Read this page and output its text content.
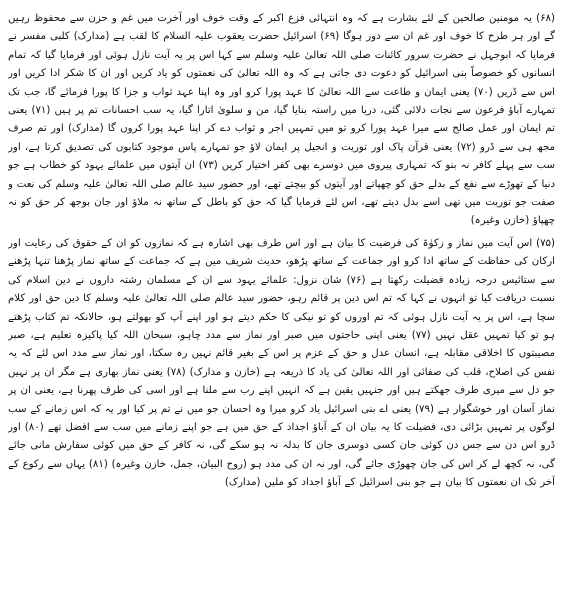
(۶۸) یہ مومنین صالحین کے لئے بشارت ہے کہ وہ انتہائی فزع اکبر کے وقت خوف اور آخرت میں غم و حزن سے محفوظ رہیں گے اور ہر طرح کا خوف اور غم ان سے دور ہوگا (۶۹) اسرائیل حضرت یعقوب علیہ السلام کا لقب ہے (مدارک) کلبی مفسر نے فرمایا کہ ابوجہل نے حضرت سرور کائنات صلی اللہ تعالیٰ علیہ وسلم سے کہا اس پر یہ آیت نازل ہوئی اور فرمایا گیا کہ تمام انسانوں کو خصوصاً بنی اسرائیل کو دعوت دی جاتی ہے کہ وہ اللہ تعالیٰ کی نعمتوں کو یاد کریں اور ان کا شکر ادا کریں اور اس سے ڈریں (۷۰) یعنی ایمان و طاعت سے اللہ تعالیٰ کا عہد پورا کرو اور وہ اپنا عہد ثواب و جزا کا پورا فرمائے گا، جب تک تمہارے آباؤ فرعون سے نجات دلائی گئی، دریا میں راستہ بنایا گیا، من و سلویٰ اتارا گیا، یہ سب احسانات تم پر ہیں (۷۱) یعنی تم ایمان اور عمل صالح سے میرا عہد پورا کرو تو میں تمہیں اجر و ثواب دے کر اپنا عہد پورا کروں گا (مدارک) اور تم صرف مجھ ہی سے ڈرو (۷۲) یعنی قرآن پاک اور توریت و انجیل پر ایمان لاؤ جو تمہارے پاس موجود کتابوں کی تصدیق کرتا ہے، اور سب سے پہلے کافر نہ بنو کہ تمہاری پیروی میں دوسرے بھی کفر اختیار کریں (۷۳) ان آیتوں میں علمائے یہود کو خطاب ہے جو دنیا کے تھوڑے سے نفع کے بدلے حق کو چھپاتے اور آیتوں کو بیچتے تھے، اور حضور سید عالم صلی اللہ تعالیٰ علیہ وسلم کی نعت و صفت جو توریت میں تھی اسے بدل دیتے تھے، اس لئے فرمایا گیا کہ حق کو باطل کے ساتھ نہ ملاؤ اور جان بوجھ کر حق کو نہ چھپاؤ (خازن وغیرہ)

(۷۵) اس آیت میں نماز و زکوٰۃ کی فرضیت کا بیان ہے اور اس طرف بھی اشارہ ہے کہ نمازوں کو ان کے حقوق کی رعایت اور ارکان کی حفاظت کے ساتھ ادا کرو اور جماعت کے ساتھ پڑھو، حدیث شریف میں ہے کہ جماعت کے ساتھ نماز پڑھنا تنہا پڑھنے سے ستائیس درجہ زیادہ فضیلت رکھتا ہے (۷۶) شان نزول: علمائے یہود سے ان کے مسلمان رشتہ داروں نے دین اسلام کی نسبت دریافت کیا تو انہوں نے کہا کہ تم اس دین پر قائم رہو، حضور سید عالم صلی اللہ تعالیٰ علیہ وسلم کا دین حق اور کلام سچا ہے، اس پر یہ آیت نازل ہوئی کہ تم اوروں کو تو نیکی کا حکم دیتے ہو اور اپنے آپ کو بھولتے ہو، حالانکہ تم کتاب پڑھتے ہو تو کیا تمہیں عقل نہیں (۷۷) یعنی اپنی حاجتوں میں صبر اور نماز سے مدد چاہو، سبحان اللہ کیا پاکیزہ تعلیم ہے، صبر مصیبتوں کا اخلاقی مقابلہ ہے، انسان عدل و حق کے عزم پر اس کے بغیر قائم نہیں رہ سکتا، اور نماز سے مدد اس لئے کہ یہ نفس کی اصلاح، قلب کی صفائی اور اللہ تعالیٰ کی یاد کا ذریعہ ہے (خازن و مدارک) (۷۸) یعنی نماز بھاری ہے مگر ان پر نہیں جو دل سے میری طرف جھکتے ہیں اور جنہیں یقین ہے کہ انہیں اپنے رب سے ملنا ہے اور اسی کی طرف پھرنا ہے، یعنی ان پر نماز آسان اور خوشگوار ہے (۷۹) یعنی اے بنی اسرائیل یاد کرو میرا وہ احسان جو میں نے تم پر کیا اور یہ کہ اس زمانے کے سب لوگوں پر تمہیں بڑائی دی، فضیلت کا یہ بیان ان کے آباؤ اجداد کے حق میں ہے جو اپنے زمانے میں سب سے افضل تھے (۸۰) اور ڈرو اس دن سے جس دن کوئی جان کسی دوسری جان کا بدلہ نہ ہو سکے گی، نہ کافر کے حق میں کوئی سفارش مانی جائے گی، نہ کچھ لے کر اس کی جان چھوڑی جائے گی، اور نہ ان کی مدد ہو (روح البیان، جمل، خازن وغیرہ) (۸۱) یہاں سے رکوع کے آخر تک ان نعمتوں کا بیان ہے جو بنی اسرائیل کے آباؤ اجداد کو ملیں (مدارک)
